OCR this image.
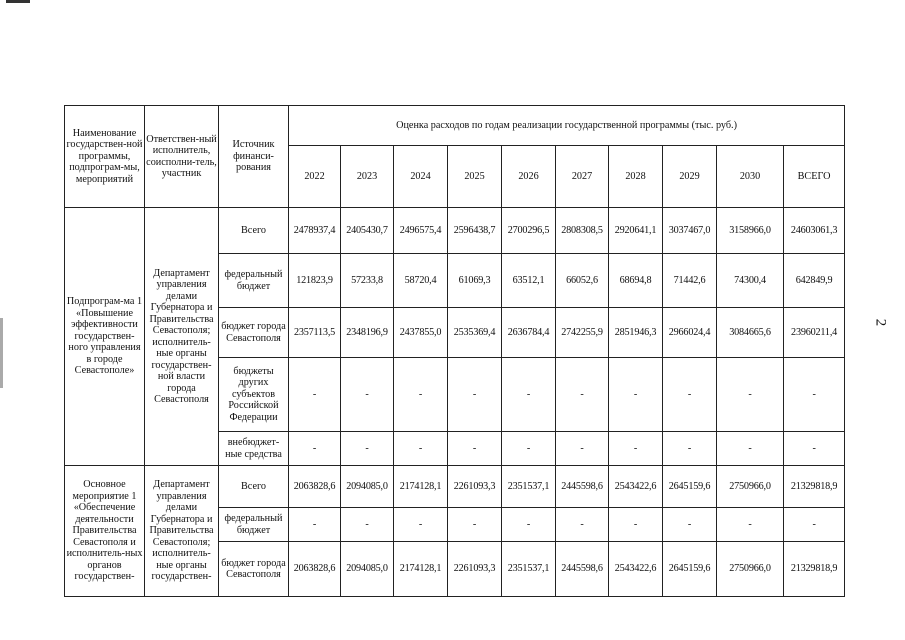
2
Наименование государствен-ной программы, подпрограм-мы, мероприятий	Ответствен-ный исполнитель, соисполни-тель, участник	Источник финанси-рования	Оценка расходов по годам реализации государственной программы (тыс. руб.)									
			2022	2023	2024	2025	2026	2027	2028	2029	2030	ВСЕГО
Подпрограм-ма 1 «Повышение эффективности государствен-ного управления в городе Севастополе»	Департамент управления делами Губернатора и Правительства Севастополя; исполнитель-ные органы государствен-ной власти города Севастополя	Всего	2478937,4	2405430,7	2496575,4	2596438,7	2700296,5	2808308,5	2920641,1	3037467,0	3158966,0	24603061,3
		федеральный бюджет	121823,9	57233,8	58720,4	61069,3	63512,1	66052,6	68694,8	71442,6	74300,4	642849,9
		бюджет города Севастополя	2357113,5	2348196,9	2437855,0	2535369,4	2636784,4	2742255,9	2851946,3	2966024,4	3084665,6	23960211,4
		бюджеты других субъектов Российской Федерации	-	-	-	-	-	-	-	-	-	-
		внебюджет-ные средства	-	-	-	-	-	-	-	-	-	-
Основное мероприятие 1 «Обеспечение деятельности Правительства Севастополя и исполнитель-ных органов государствен-	Департамент управления делами Губернатора и Правительства Севастополя; исполнитель-ные органы государствен-	Всего	2063828,6	2094085,0	2174128,1	2261093,3	2351537,1	2445598,6	2543422,6	2645159,6	2750966,0	21329818,9
		федеральный бюджет	-	-	-	-	-	-	-	-	-	-
		бюджет города Севастополя	2063828,6	2094085,0	2174128,1	2261093,3	2351537,1	2445598,6	2543422,6	2645159,6	2750966,0	21329818,9
